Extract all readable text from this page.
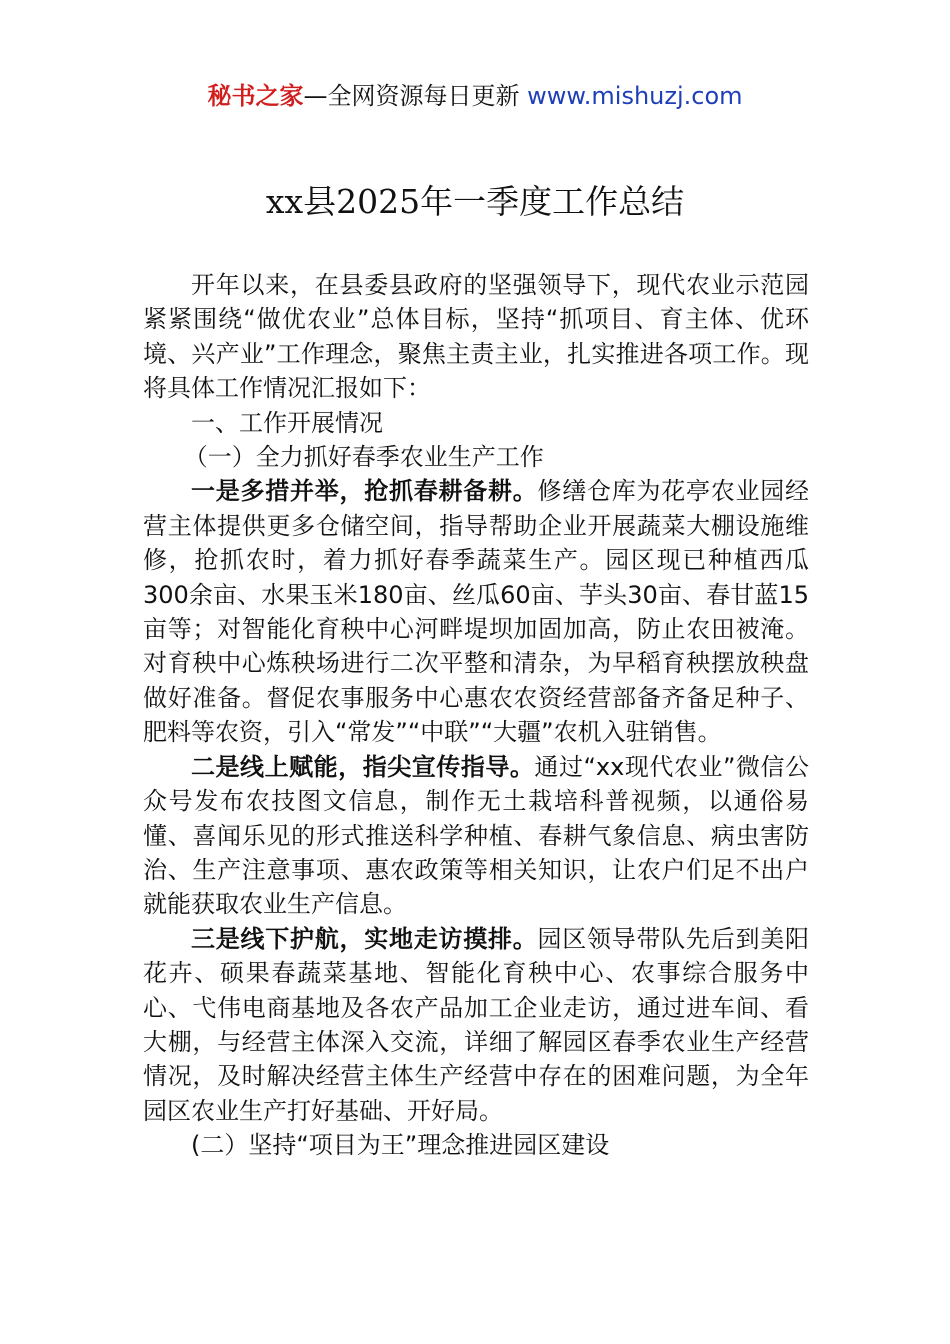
秘书之家—全网资源每日更新 www.mishuzj.com
xx县2025年一季度工作总结

开年以来，在县委县政府的坚强领导下，现代农业示范园紧紧围绕“做优农业”总体目标，坚持“抓项目、育主体、优环境、兴产业”工作理念，聚焦主责主业，扎实推进各项工作。现将具体工作情况汇报如下：

一、工作开展情况

（一）全力抓好春季农业生产工作

一是多措并举，抢抓春耕备耕。修缮仓库为花亭农业园经营主体提供更多仓储空间，指导帮助企业开展蔬菜大棚设施维修，抢抓农时，着力抓好春季蔬菜生产。园区现已种植西瓜300余亩、水果玉米180亩、丝瓜60亩、芋头30亩、春甘蓝15亩等；对智能化育秧中心河畔堤坝加固加高，防止农田被淹。对育秧中心炼秧场进行二次平整和清杂，为早稻育秧摆放秧盘做好准备。督促农事服务中心惠农农资经营部备齐备足种子、肥料等农资，引入“常发”“中联”“大疆”农机入驻销售。

二是线上赋能，指尖宣传指导。通过“xx现代农业”微信公众号发布农技图文信息，制作无土栽培科普视频，以通俗易懂、喜闻乐见的形式推送科学种植、春耕气象信息、病虫害防治、生产注意事项、惠农政策等相关知识，让农户们足不出户就能获取农业生产信息。

三是线下护航，实地走访摸排。园区领导带队先后到美阳花卉、硕果春蔬菜基地、智能化育秧中心、农事综合服务中心、弋伟电商基地及各农产品加工企业走访，通过进车间、看大棚，与经营主体深入交流，详细了解园区春季农业生产经营情况，及时解决经营主体生产经营中存在的困难问题，为全年园区农业生产打好基础、开好局。

(二）坚持“项目为王”理念推进园区建设
